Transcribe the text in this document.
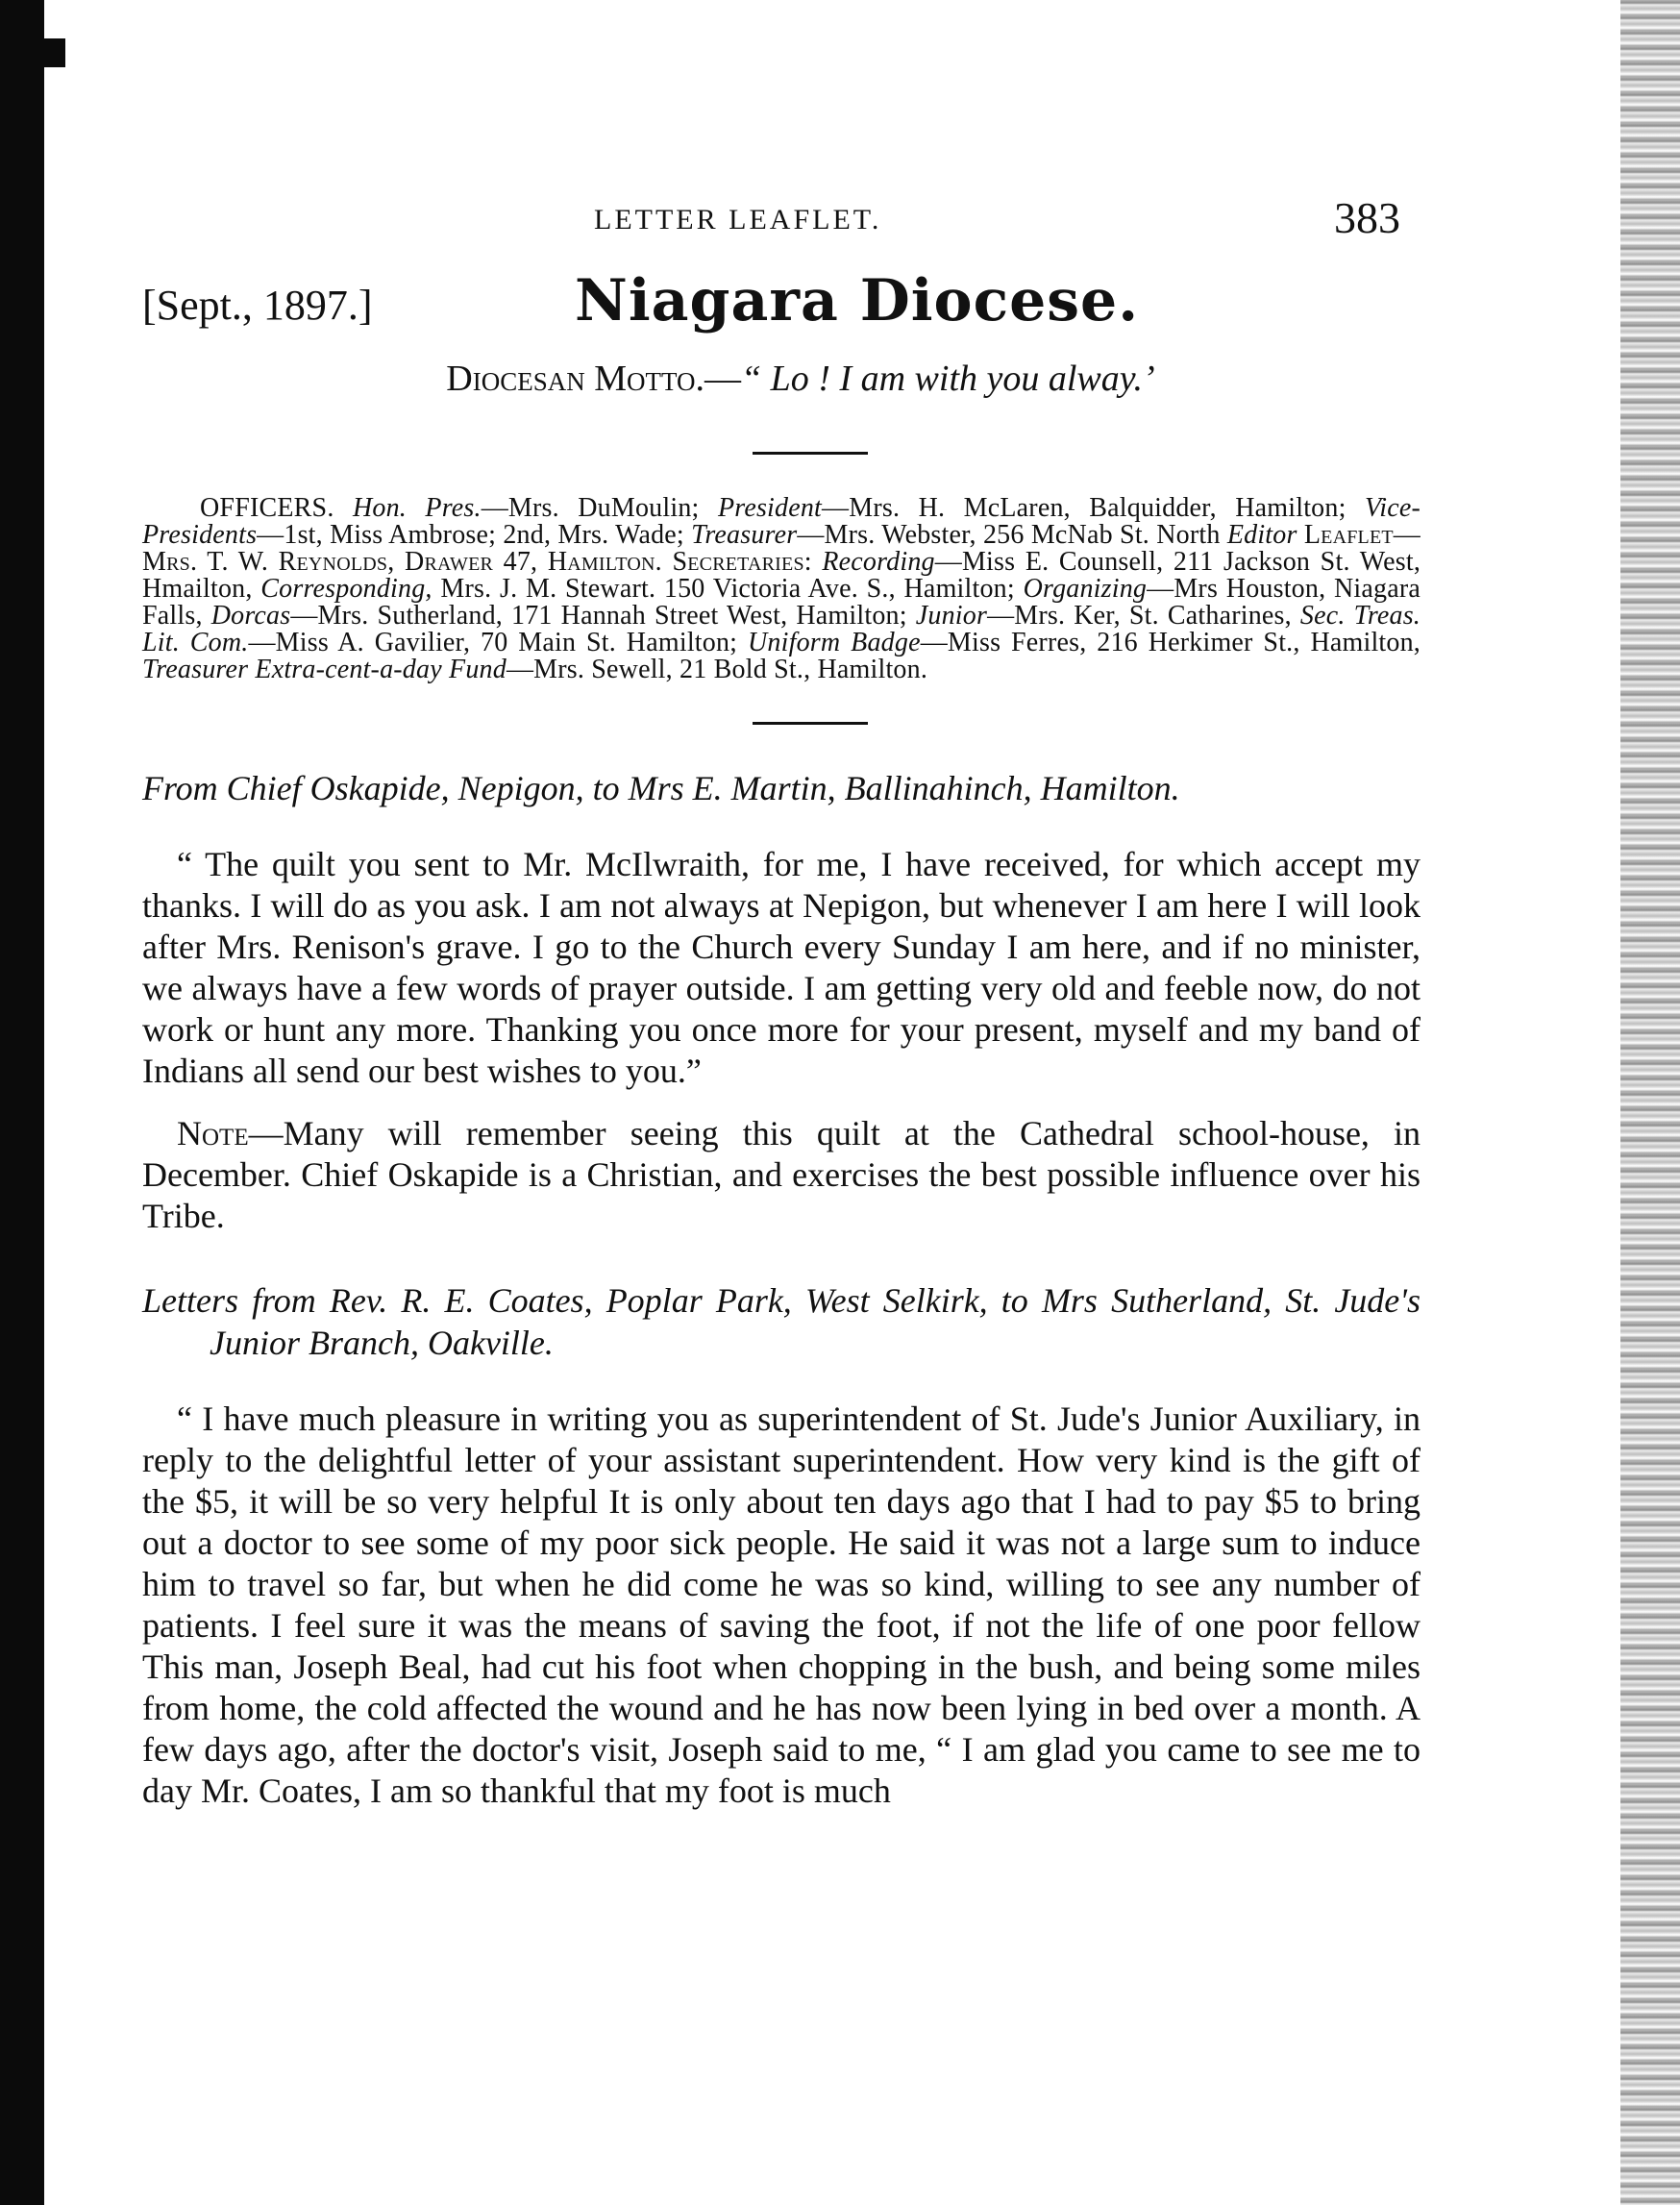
LETTER LEAFLET.	383
[Sept., 1897.]	Niagara Diocese.
Diocesan Motto.—“ Lo ! I am with you alway.’

OFFICERS. Hon. Pres.—Mrs. DuMoulin; President—Mrs. H. McLaren, Balquidder, Hamilton; Vice-Presidents—1st, Miss Ambrose; 2nd, Mrs. Wade; Treasurer—Mrs. Webster, 256 McNab St. North Editor Leaflet—Mrs. T. W. Reynolds, Drawer 47, Hamilton. Secretaries: Recording—Miss E. Counsell, 211 Jackson St. West, Hmailton, Corresponding, Mrs. J. M. Stewart. 150 Victoria Ave. S., Hamilton; Organizing—Mrs Houston, Niagara Falls, Dorcas—Mrs. Sutherland, 171 Hannah Street West, Hamilton; Junior—Mrs. Ker, St. Catharines, Sec. Treas. Lit. Com.—Miss A. Gavilier, 70 Main St. Hamilton; Uniform Badge—Miss Ferres, 216 Herkimer St., Hamilton, Treasurer Extra-cent-a-day Fund—Mrs. Sewell, 21 Bold St., Hamilton.

From Chief Oskapide, Nepigon, to Mrs E. Martin, Ballinahinch, Hamilton.

“ The quilt you sent to Mr. McIlwraith, for me, I have received, for which accept my thanks. I will do as you ask. I am not always at Nepigon, but whenever I am here I will look after Mrs. Renison's grave. I go to the Church every Sunday I am here, and if no minister, we always have a few words of prayer outside. I am getting very old and feeble now, do not work or hunt any more. Thanking you once more for your present, myself and my band of Indians all send our best wishes to you.”

Note—Many will remember seeing this quilt at the Cathedral school-house, in December. Chief Oskapide is a Christian, and exercises the best possible influence over his Tribe.

Letters from Rev. R. E. Coates, Poplar Park, West Selkirk, to Mrs Sutherland, St. Jude's Junior Branch, Oakville.

“ I have much pleasure in writing you as superintendent of St. Jude's Junior Auxiliary, in reply to the delightful letter of your assistant superintendent. How very kind is the gift of the $5, it will be so very helpful It is only about ten days ago that I had to pay $5 to bring out a doctor to see some of my poor sick people. He said it was not a large sum to induce him to travel so far, but when he did come he was so kind, willing to see any number of patients. I feel sure it was the means of saving the foot, if not the life of one poor fellow This man, Joseph Beal, had cut his foot when chopping in the bush, and being some miles from home, the cold affected the wound and he has now been lying in bed over a month. A few days ago, after the doctor's visit, Joseph said to me, “ I am glad you came to see me to day Mr. Coates, I am so thankful that my foot is much
